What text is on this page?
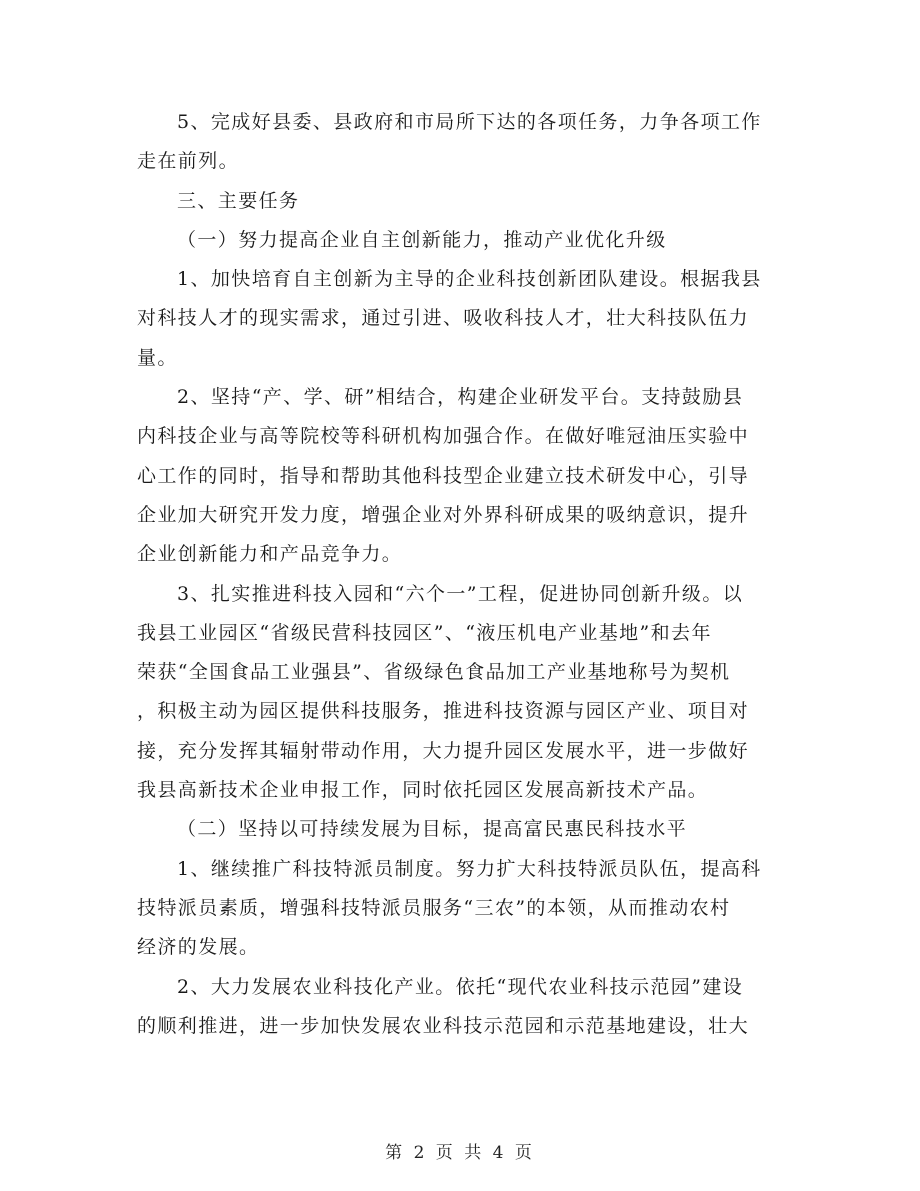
5、完成好县委、县政府和市局所下达的各项任务，力争各项工作
走在前列。
三、主要任务
（一）努力提高企业自主创新能力，推动产业优化升级
1、加快培育自主创新为主导的企业科技创新团队建设。根据我县
对科技人才的现实需求，通过引进、吸收科技人才，壮大科技队伍力
量。
2、坚持“产、学、研”相结合，构建企业研发平台。支持鼓励县
内科技企业与高等院校等科研机构加强合作。在做好唯冠油压实验中
心工作的同时，指导和帮助其他科技型企业建立技术研发中心，引导
企业加大研究开发力度，增强企业对外界科研成果的吸纳意识，提升
企业创新能力和产品竞争力。
3、扎实推进科技入园和“六个一”工程，促进协同创新升级。以
我县工业园区“省级民营科技园区”、“液压机电产业基地”和去年
荣获“全国食品工业强县”、省级绿色食品加工产业基地称号为契机
，积极主动为园区提供科技服务，推进科技资源与园区产业、项目对
接，充分发挥其辐射带动作用，大力提升园区发展水平，进一步做好
我县高新技术企业申报工作，同时依托园区发展高新技术产品。
（二）坚持以可持续发展为目标，提高富民惠民科技水平
1、继续推广科技特派员制度。努力扩大科技特派员队伍，提高科
技特派员素质，增强科技特派员服务“三农”的本领，从而推动农村
经济的发展。
2、大力发展农业科技化产业。依托“现代农业科技示范园”建设
的顺利推进，进一步加快发展农业科技示范园和示范基地建设，壮大
第 2 页 共 4 页
